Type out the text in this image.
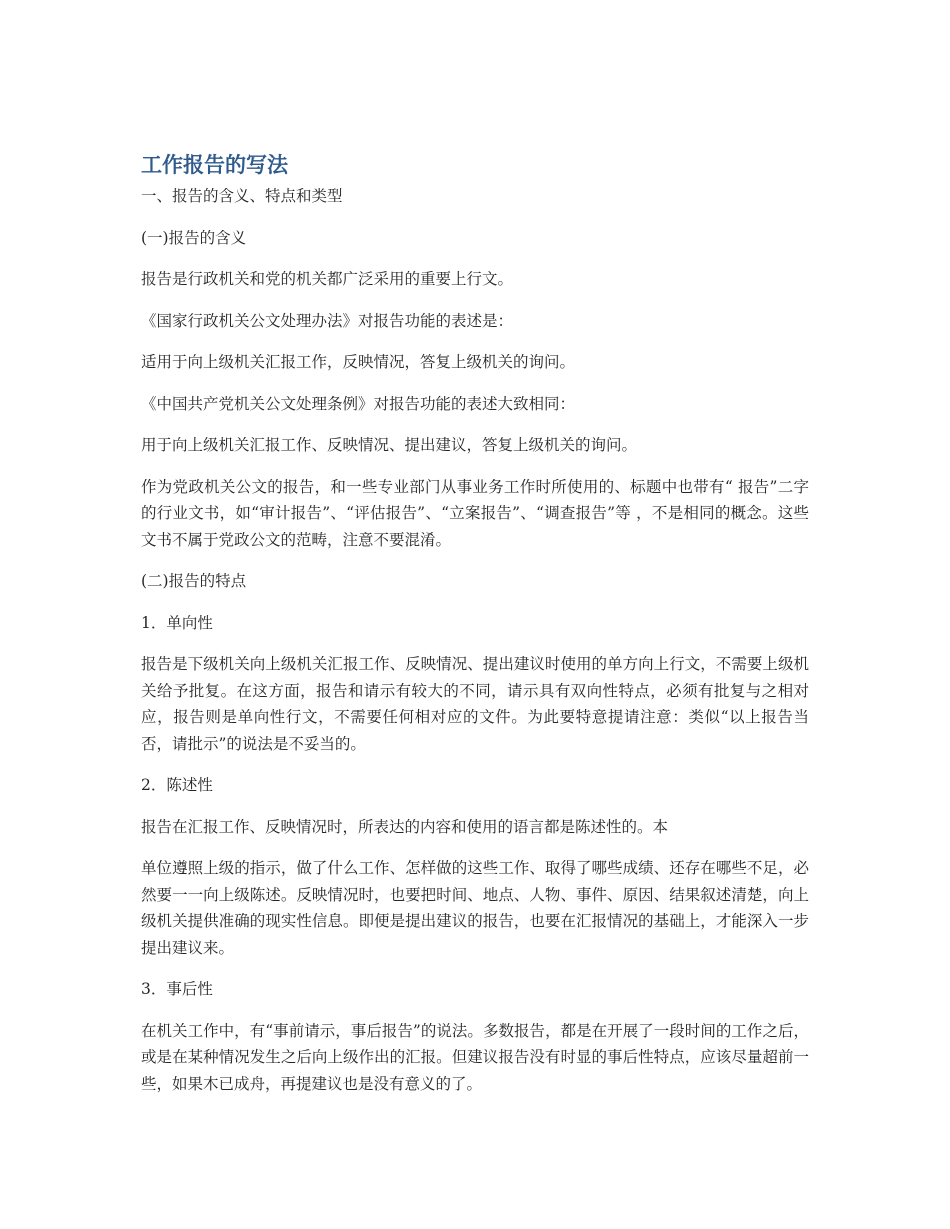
工作报告的写法

一、报告的含义、特点和类型

(一)报告的含义

报告是行政机关和党的机关都广泛采用的重要上行文。

《国家行政机关公文处理办法》对报告功能的表述是：

适用于向上级机关汇报工作，反映情况，答复上级机关的询问。

《中国共产党机关公文处理条例》对报告功能的表述大致相同：

用于向上级机关汇报工作、反映情况、提出建议，答复上级机关的询问。

作为党政机关公文的报告，和一些专业部门从事业务工作时所使用的、标题中也带有“ 报告”二字的行业文书，如“审计报告”、“评估报告”、“立案报告”、“调查报告”等 ，不是相同的概念。这些文书不属于党政公文的范畴，注意不要混淆。

(二)报告的特点

1．单向性

报告是下级机关向上级机关汇报工作、反映情况、提出建议时使用的单方向上行文，不需要上级机关给予批复。在这方面，报告和请示有较大的不同，请示具有双向性特点，必须有批复与之相对应，报告则是单向性行文，不需要任何相对应的文件。为此要特意提请注意：类似“以上报告当否，请批示”的说法是不妥当的。

2．陈述性

报告在汇报工作、反映情况时，所表达的内容和使用的语言都是陈述性的。本

单位遵照上级的指示，做了什么工作、怎样做的这些工作、取得了哪些成绩、还存在哪些不足，必然要一一向上级陈述。反映情况时，也要把时间、地点、人物、事件、原因、结果叙述清楚，向上级机关提供准确的现实性信息。即便是提出建议的报告，也要在汇报情况的基础上，才能深入一步提出建议来。

3．事后性

在机关工作中，有“事前请示，事后报告”的说法。多数报告，都是在开展了一段时间的工作之后，或是在某种情况发生之后向上级作出的汇报。但建议报告没有时显的事后性特点，应该尽量超前一些，如果木已成舟，再提建议也是没有意义的了。
